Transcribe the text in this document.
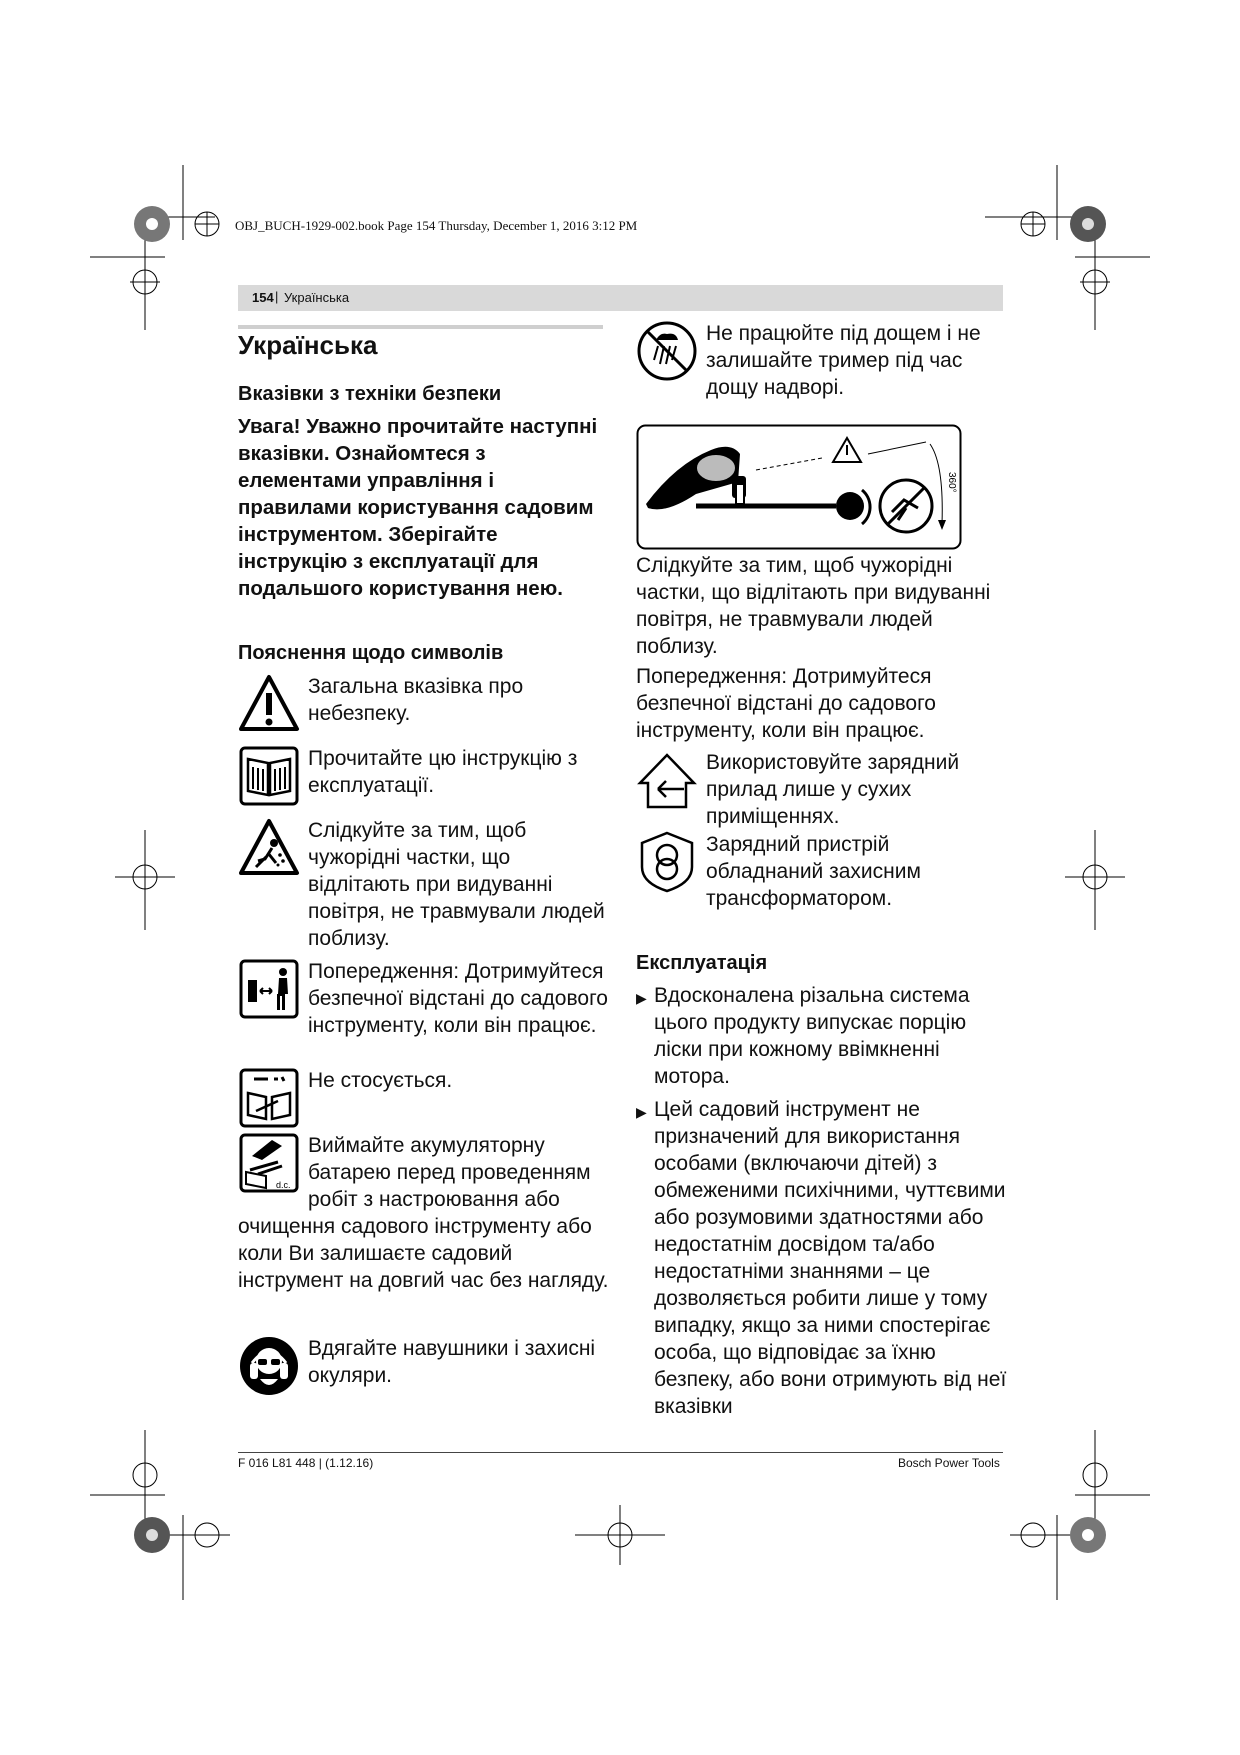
OBJ_BUCH-1929-002.book Page 154 Thursday, December 1, 2016 3:12 PM
154 | Українська
Українська
Вказівки з техніки безпеки
Увага! Уважно прочитайте наступні вказівки. Ознайомтеся з елементами управління і правилами користування садовим інструментом. Зберігайте інструкцію з експлуатації для подальшого користування нею.
Пояснення щодо символів
Загальна вказівка про небезпеку.
Прочитайте цю інструкцію з експлуатації.
Слідкуйте за тим, щоб чужорідні частки, що відлітають при видуванні повітря, не травмували людей поблизу.
Попередження: Дотримуйтеся безпечної відстані до садового інструменту, коли він працює.
Не стосується.
d.c.
Виймайте акумуляторну батарею перед проведенням робіт з настроювання або очищення садового інструменту або коли Ви залишаєте садовий інструмент на довгий час без нагляду.
Вдягайте навушники і захисні окуляри.
Не працюйте під дощем і не залишайте тример під час дощу надворі.
360°
Слідкуйте за тим, щоб чужорідні частки, що відлітають при видуванні повітря, не травмували людей поблизу.
Попередження: Дотримуйтеся безпечної відстані до садового інструменту, коли він працює.
Використовуйте зарядний прилад лише у сухих приміщеннях.
Зарядний пристрій обладнаний захисним трансформатором.
Експлуатація
▶ Вдосконалена різальна система цього продукту випускає порцію ліски при кожному ввімкненні мотора.
▶ Цей садовий інструмент не призначений для використання особами (включаючи дітей) з обмеженими психічними, чуттєвими або розумовими здатностями або недостатнім досвідом та/або недостатніми знаннями – це дозволяється робити лише у тому випадку, якщо за ними спостерігає особа, що відповідає за їхню безпеку, або вони отримують від неї вказівки
F 016 L81 448 | (1.12.16)	Bosch Power Tools
